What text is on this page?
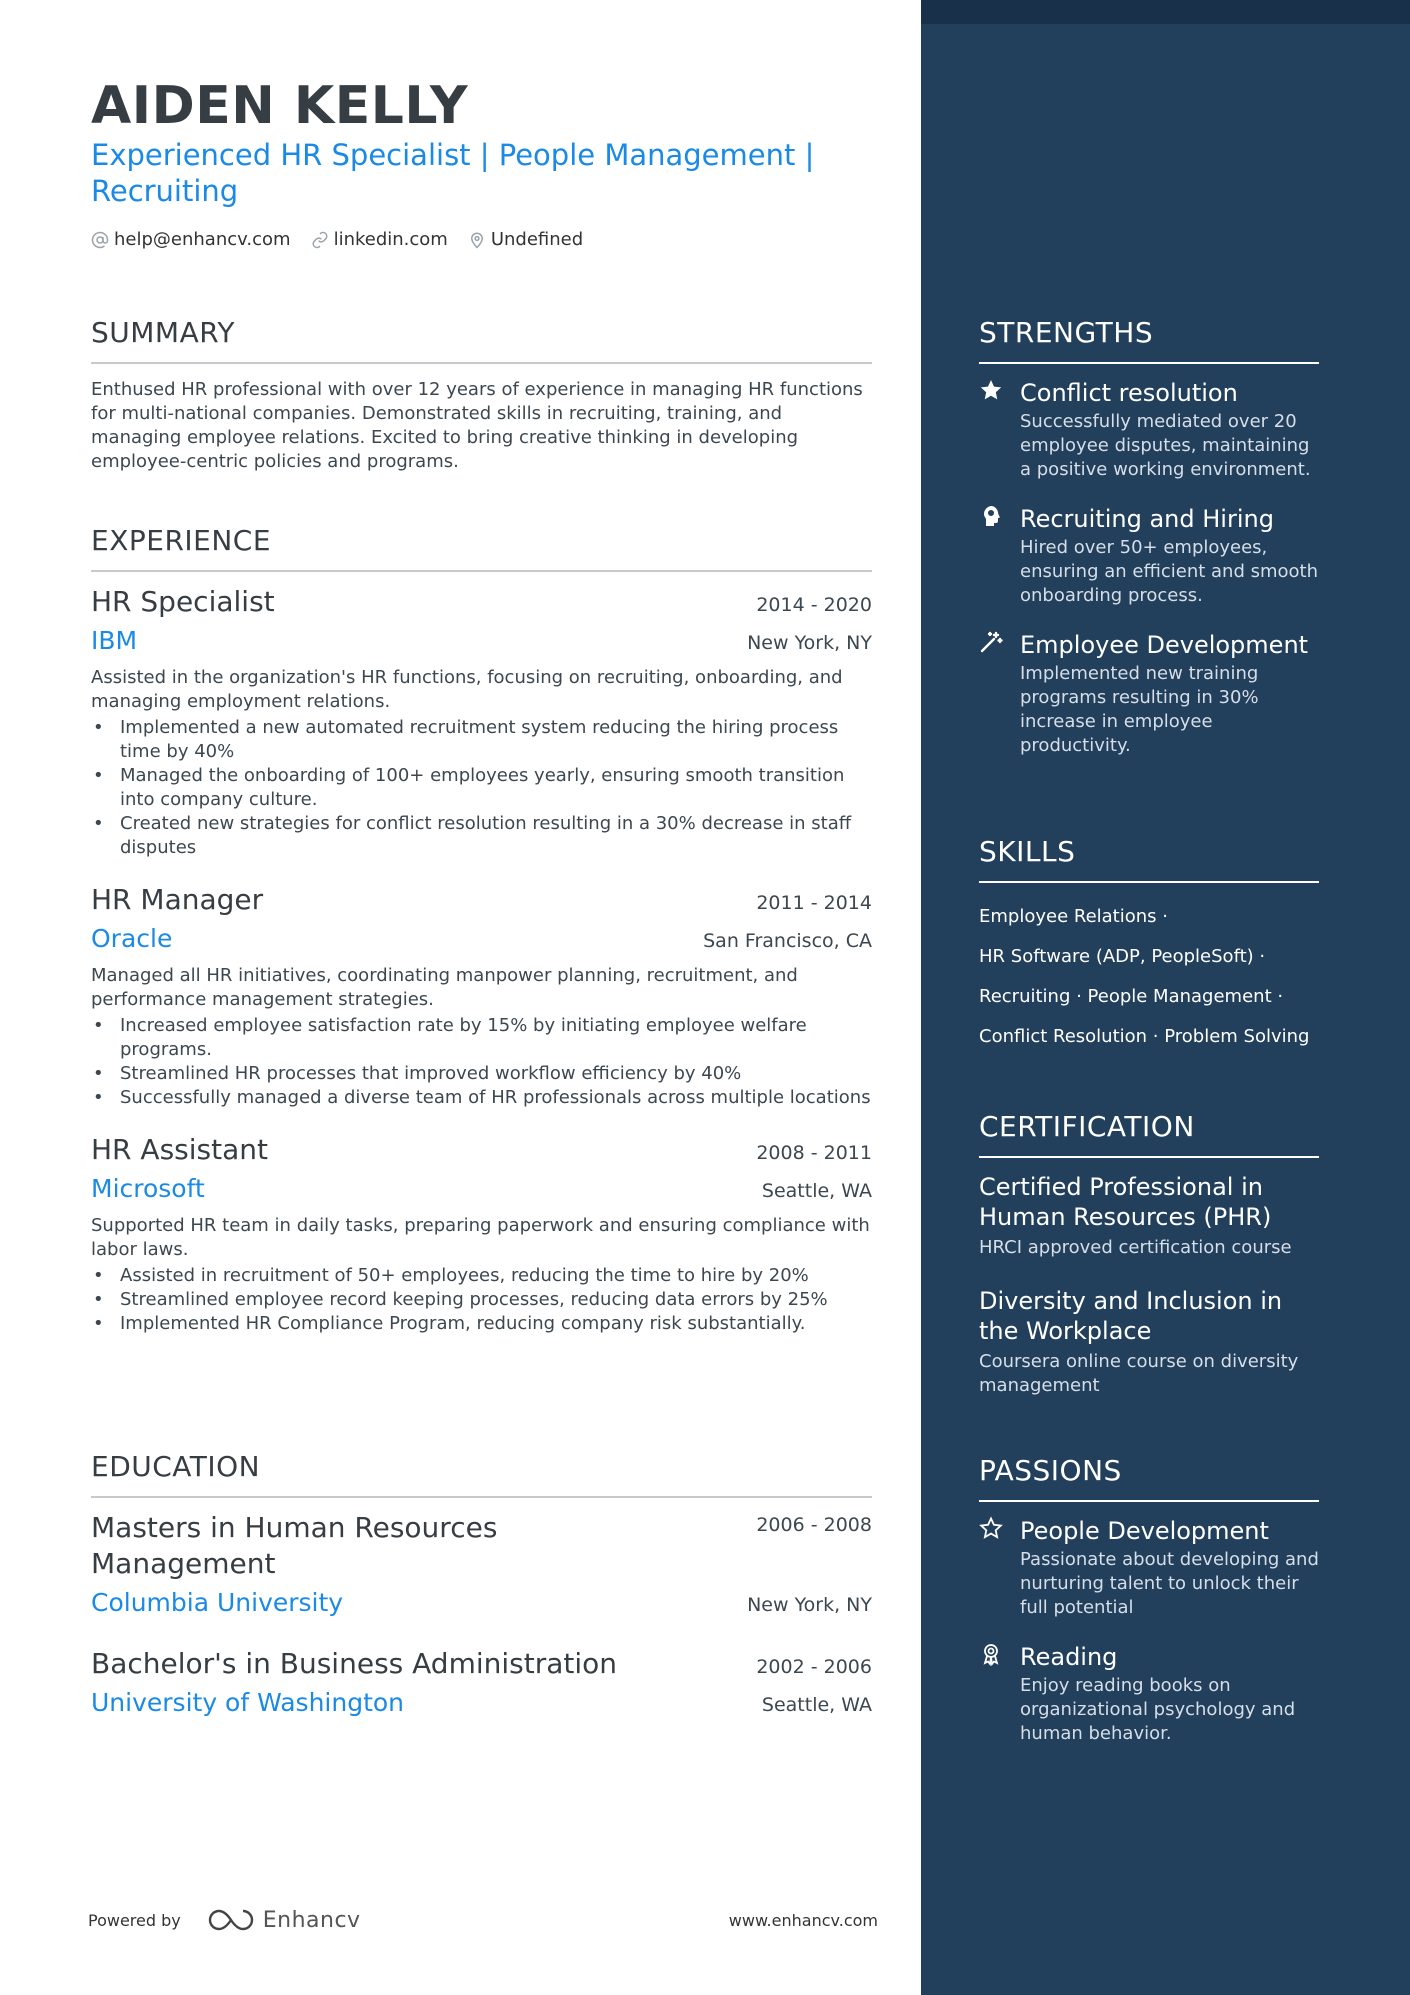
AIDEN KELLY
Experienced HR Specialist | People Management | Recruiting
help@enhancv.com linkedin.com Undefined
SUMMARY
Enthused HR professional with over 12 years of experience in managing HR functions for multi-national companies. Demonstrated skills in recruiting, training, and managing employee relations. Excited to bring creative thinking in developing employee-centric policies and programs.
EXPERIENCE
HR Specialist	2014 - 2020
IBM	New York, NY
Assisted in the organization's HR functions, focusing on recruiting, onboarding, and managing employment relations.
• Implemented a new automated recruitment system reducing the hiring process time by 40%
• Managed the onboarding of 100+ employees yearly, ensuring smooth transition into company culture.
• Created new strategies for conflict resolution resulting in a 30% decrease in staff disputes
HR Manager	2011 - 2014
Oracle	San Francisco, CA
Managed all HR initiatives, coordinating manpower planning, recruitment, and performance management strategies.
• Increased employee satisfaction rate by 15% by initiating employee welfare programs.
• Streamlined HR processes that improved workflow efficiency by 40%
• Successfully managed a diverse team of HR professionals across multiple locations
HR Assistant	2008 - 2011
Microsoft	Seattle, WA
Supported HR team in daily tasks, preparing paperwork and ensuring compliance with labor laws.
• Assisted in recruitment of 50+ employees, reducing the time to hire by 20%
• Streamlined employee record keeping processes, reducing data errors by 25%
• Implemented HR Compliance Program, reducing company risk substantially.
EDUCATION
Masters in Human Resources Management
2006 - 2008
Columbia University	New York, NY
Bachelor's in Business Administration	2002 - 2006
University of Washington	Seattle, WA
Powered by	Enhancv	www.enhancv.com
STRENGTHS
Conflict resolution
Successfully mediated over 20 employee disputes, maintaining a positive working environment.
Recruiting and Hiring
Hired over 50+ employees, ensuring an efficient and smooth onboarding process.
Employee Development
Implemented new training programs resulting in 30% increase in employee productivity.
SKILLS
Employee Relations ·
HR Software (ADP, PeopleSoft) ·
Recruiting · People Management ·
Conflict Resolution · Problem Solving
CERTIFICATION
Certified Professional in Human Resources (PHR)
HRCI approved certification course
Diversity and Inclusion in the Workplace
Coursera online course on diversity management
PASSIONS
People Development
Passionate about developing and nurturing talent to unlock their full potential
Reading
Enjoy reading books on organizational psychology and human behavior.
